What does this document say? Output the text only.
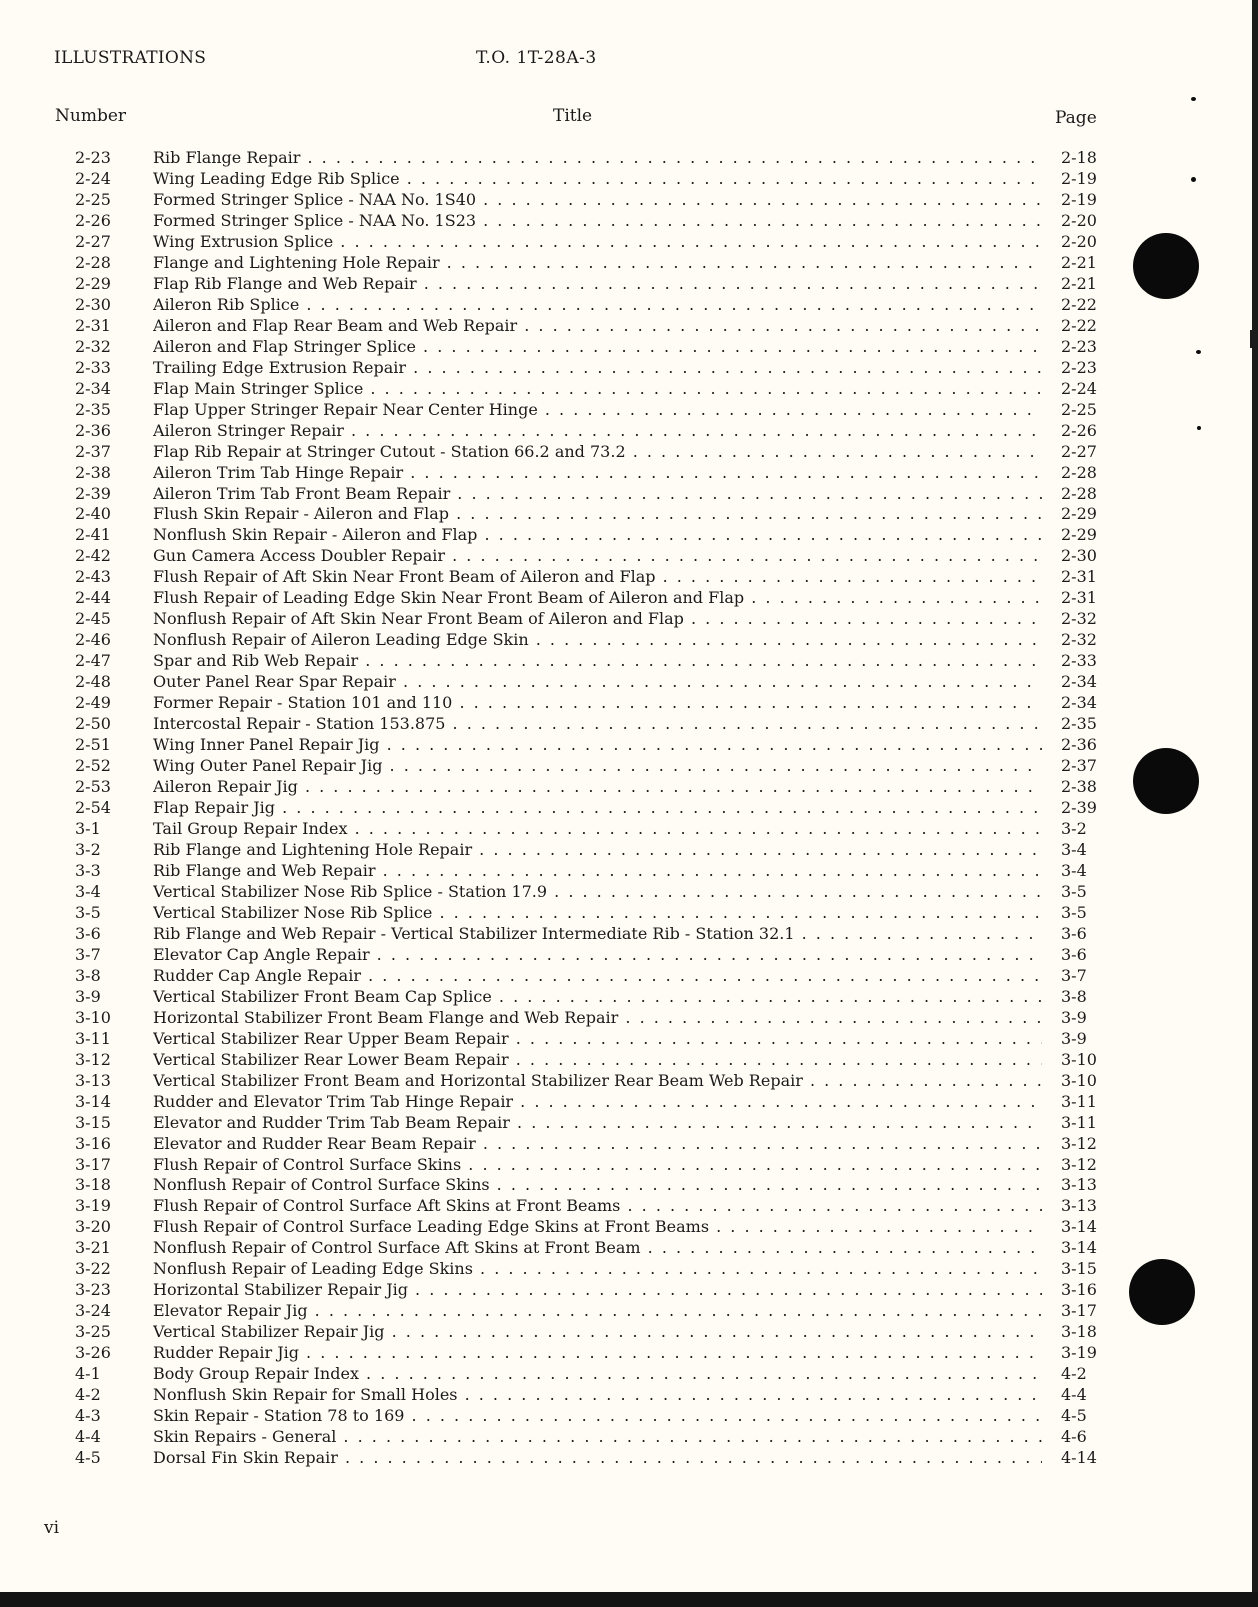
ILLUSTRATIONS	T.O. 1T-28A-3
Number	Title	Page
2-23	Rib Flange Repair . . .	2-18
2-24	Wing Leading Edge Rib Splice . . .	2-19
2-25	Formed Stringer Splice - NAA No. 1S40 . . .	2-19
2-26	Formed Stringer Splice - NAA No. 1S23 . . .	2-20
2-27	Wing Extrusion Splice . . .	2-20
2-28	Flange and Lightening Hole Repair . . .	2-21
2-29	Flap Rib Flange and Web Repair . . .	2-21
2-30	Aileron Rib Splice . . .	2-22
2-31	Aileron and Flap Rear Beam and Web Repair . . .	2-22
2-32	Aileron and Flap Stringer Splice . . .	2-23
2-33	Trailing Edge Extrusion Repair . . .	2-23
2-34	Flap Main Stringer Splice . . .	2-24
2-35	Flap Upper Stringer Repair Near Center Hinge . . .	2-25
2-36	Aileron Stringer Repair . . .	2-26
2-37	Flap Rib Repair at Stringer Cutout - Station 66.2 and 73.2 . . .	2-27
2-38	Aileron Trim Tab Hinge Repair . . .	2-28
2-39	Aileron Trim Tab Front Beam Repair . . .	2-28
2-40	Flush Skin Repair - Aileron and Flap . . .	2-29
2-41	Nonflush Skin Repair - Aileron and Flap . . .	2-29
2-42	Gun Camera Access Doubler Repair . . .	2-30
2-43	Flush Repair of Aft Skin Near Front Beam of Aileron and Flap . . .	2-31
2-44	Flush Repair of Leading Edge Skin Near Front Beam of Aileron and Flap . . .	2-31
2-45	Nonflush Repair of Aft Skin Near Front Beam of Aileron and Flap . . .	2-32
2-46	Nonflush Repair of Aileron Leading Edge Skin . . .	2-32
2-47	Spar and Rib Web Repair . . .	2-33
2-48	Outer Panel Rear Spar Repair . . .	2-34
2-49	Former Repair - Station 101 and 110 . . .	2-34
2-50	Intercostal Repair - Station 153.875 . . .	2-35
2-51	Wing Inner Panel Repair Jig . . .	2-36
2-52	Wing Outer Panel Repair Jig . . .	2-37
2-53	Aileron Repair Jig . . .	2-38
2-54	Flap Repair Jig . . .	2-39
3-1	Tail Group Repair Index . . .	3-2
3-2	Rib Flange and Lightening Hole Repair . . .	3-4
3-3	Rib Flange and Web Repair . . .	3-4
3-4	Vertical Stabilizer Nose Rib Splice - Station 17.9 . . .	3-5
3-5	Vertical Stabilizer Nose Rib Splice . . .	3-5
3-6	Rib Flange and Web Repair - Vertical Stabilizer Intermediate Rib - Station 32.1 . . .	3-6
3-7	Elevator Cap Angle Repair . . .	3-6
3-8	Rudder Cap Angle Repair . . .	3-7
3-9	Vertical Stabilizer Front Beam Cap Splice . . .	3-8
3-10	Horizontal Stabilizer Front Beam Flange and Web Repair . . .	3-9
3-11	Vertical Stabilizer Rear Upper Beam Repair . . .	3-9
3-12	Vertical Stabilizer Rear Lower Beam Repair . . .	3-10
3-13	Vertical Stabilizer Front Beam and Horizontal Stabilizer Rear Beam Web Repair . . .	3-10
3-14	Rudder and Elevator Trim Tab Hinge Repair . . .	3-11
3-15	Elevator and Rudder Trim Tab Beam Repair . . .	3-11
3-16	Elevator and Rudder Rear Beam Repair . . .	3-12
3-17	Flush Repair of Control Surface Skins . . .	3-12
3-18	Nonflush Repair of Control Surface Skins . . .	3-13
3-19	Flush Repair of Control Surface Aft Skins at Front Beams . . .	3-13
3-20	Flush Repair of Control Surface Leading Edge Skins at Front Beams . . .	3-14
3-21	Nonflush Repair of Control Surface Aft Skins at Front Beam . . .	3-14
3-22	Nonflush Repair of Leading Edge Skins . . .	3-15
3-23	Horizontal Stabilizer Repair Jig . . .	3-16
3-24	Elevator Repair Jig . . .	3-17
3-25	Vertical Stabilizer Repair Jig . . .	3-18
3-26	Rudder Repair Jig . . .	3-19
4-1	Body Group Repair Index . . .	4-2
4-2	Nonflush Skin Repair for Small Holes . . .	4-4
4-3	Skin Repair - Station 78 to 169 . . .	4-5
4-4	Skin Repairs - General . . .	4-6
4-5	Dorsal Fin Skin Repair . . .	4-14
vi
